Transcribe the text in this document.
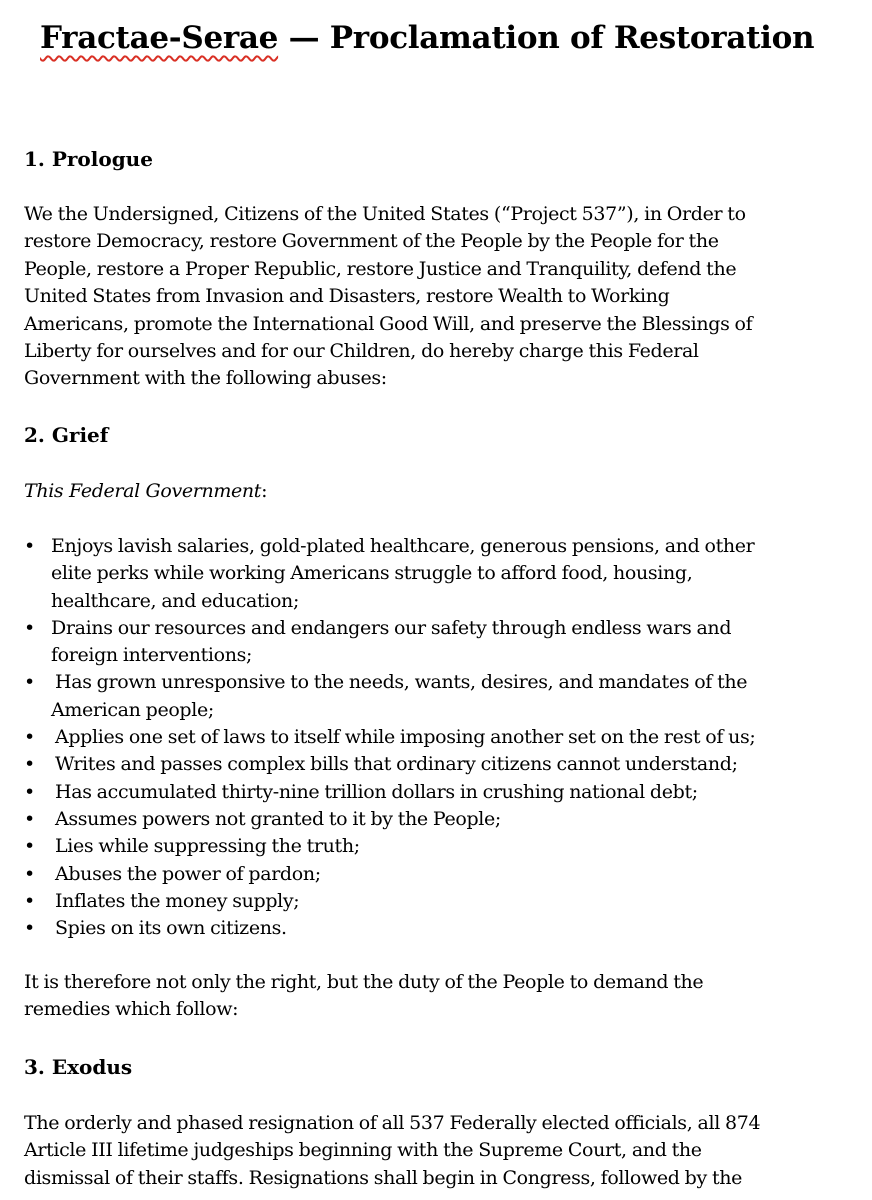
Fractae-Serae — Proclamation of Restoration
1. Prologue
We the Undersigned, Citizens of the United States (“Project 537”), in Order to
restore Democracy, restore Government of the People by the People for the
People, restore a Proper Republic, restore Justice and Tranquility, defend the
United States from Invasion and Disasters, restore Wealth to Working
Americans, promote the International Good Will, and preserve the Blessings of
Liberty for ourselves and for our Children, do hereby charge this Federal
Government with the following abuses:
2. Grief
This Federal Government:
• Enjoys lavish salaries, gold-plated healthcare, generous pensions, and other
elite perks while working Americans struggle to afford food, housing,
healthcare, and education;
• Drains our resources and endangers our safety through endless wars and
foreign interventions;
• Has grown unresponsive to the needs, wants, desires, and mandates of the
American people;
• Applies one set of laws to itself while imposing another set on the rest of us;
• Writes and passes complex bills that ordinary citizens cannot understand;
• Has accumulated thirty-nine trillion dollars in crushing national debt;
• Assumes powers not granted to it by the People;
• Lies while suppressing the truth;
• Abuses the power of pardon;
• Inflates the money supply;
• Spies on its own citizens.
It is therefore not only the right, but the duty of the People to demand the
remedies which follow:
3. Exodus
The orderly and phased resignation of all 537 Federally elected officials, all 874
Article III lifetime judgeships beginning with the Supreme Court, and the
dismissal of their staffs. Resignations shall begin in Congress, followed by the
